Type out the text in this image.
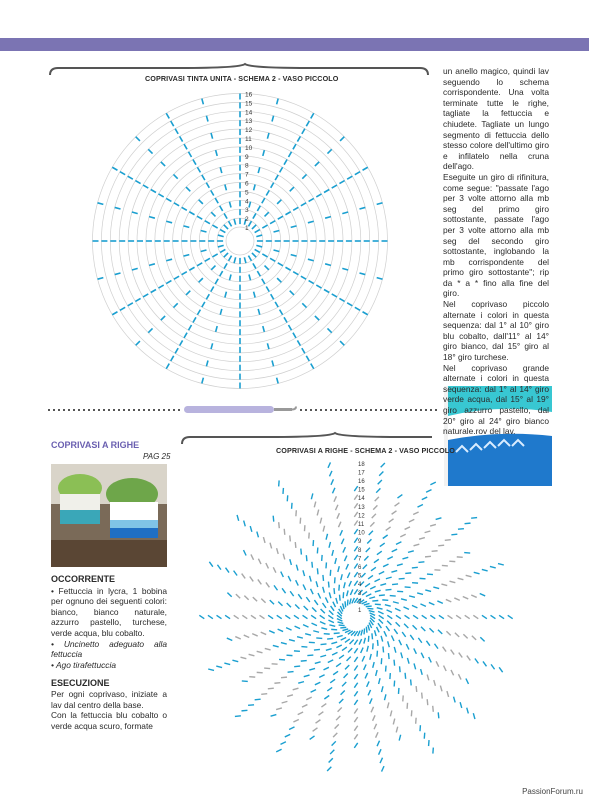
1
2
3
4
5
6
7
8
9
10
11
12
13
14
15
16
1
2
3
4
5
6
7
8
9
10
11
12
13
14
15
16
17
18
COPRIVASI TINTA UNITA - SCHEMA 2 - VASO PICCOLO
COPRIVASI A RIGHE - SCHEMA 2 - VASO PICCOLO

un anello magico, quindi lav seguendo lo schema corrispondente. Una volta terminate tutte le righe, tagliate la fettuccia e chiudete. Tagliate un lungo segmento di fettuccia dello stesso colore dell'ultimo giro e infilatelo nella cruna dell'ago.

Eseguite un giro di rifinitura, come segue: "passate l'ago per 3 volte attorno alla mb seg del primo giro sottostante, passate l'ago per 3 volte attorno alla mb seg del secondo giro sottostante, inglobando la mb corrispondente del primo giro sottostante"; rip da * a * fino alla fine del giro.

Nel coprivaso piccolo alternate i colori in questa sequenza: dal 1° al 10° giro blu cobalto, dall'11° al 14° giro bianco, dal 15° giro al 18° giro turchese.

Nel coprivaso grande alternate i colori in questa sequenza: dal 1° al 14° giro verde acqua, dal 15° al 19° giro azzurro pastello, dal 20° giro al 24° giro bianco naturale.rov del lav.

COPRIVASI A RIGHE
PAG 25
OCCORRENTE

• Fettuccia in lycra, 1 bobina per ognuno dei seguenti colori: bianco, bianco naturale, azzurro pastello, turchese, verde acqua, blu cobalto.

• Uncinetto adeguato alla fettuccia

• Ago tirafettuccia

ESECUZIONE

Per ogni coprivaso, iniziate a lav dal centro della base.

Con la fettuccia blu cobalto o verde acqua scuro, formate

PassionForum.ru
